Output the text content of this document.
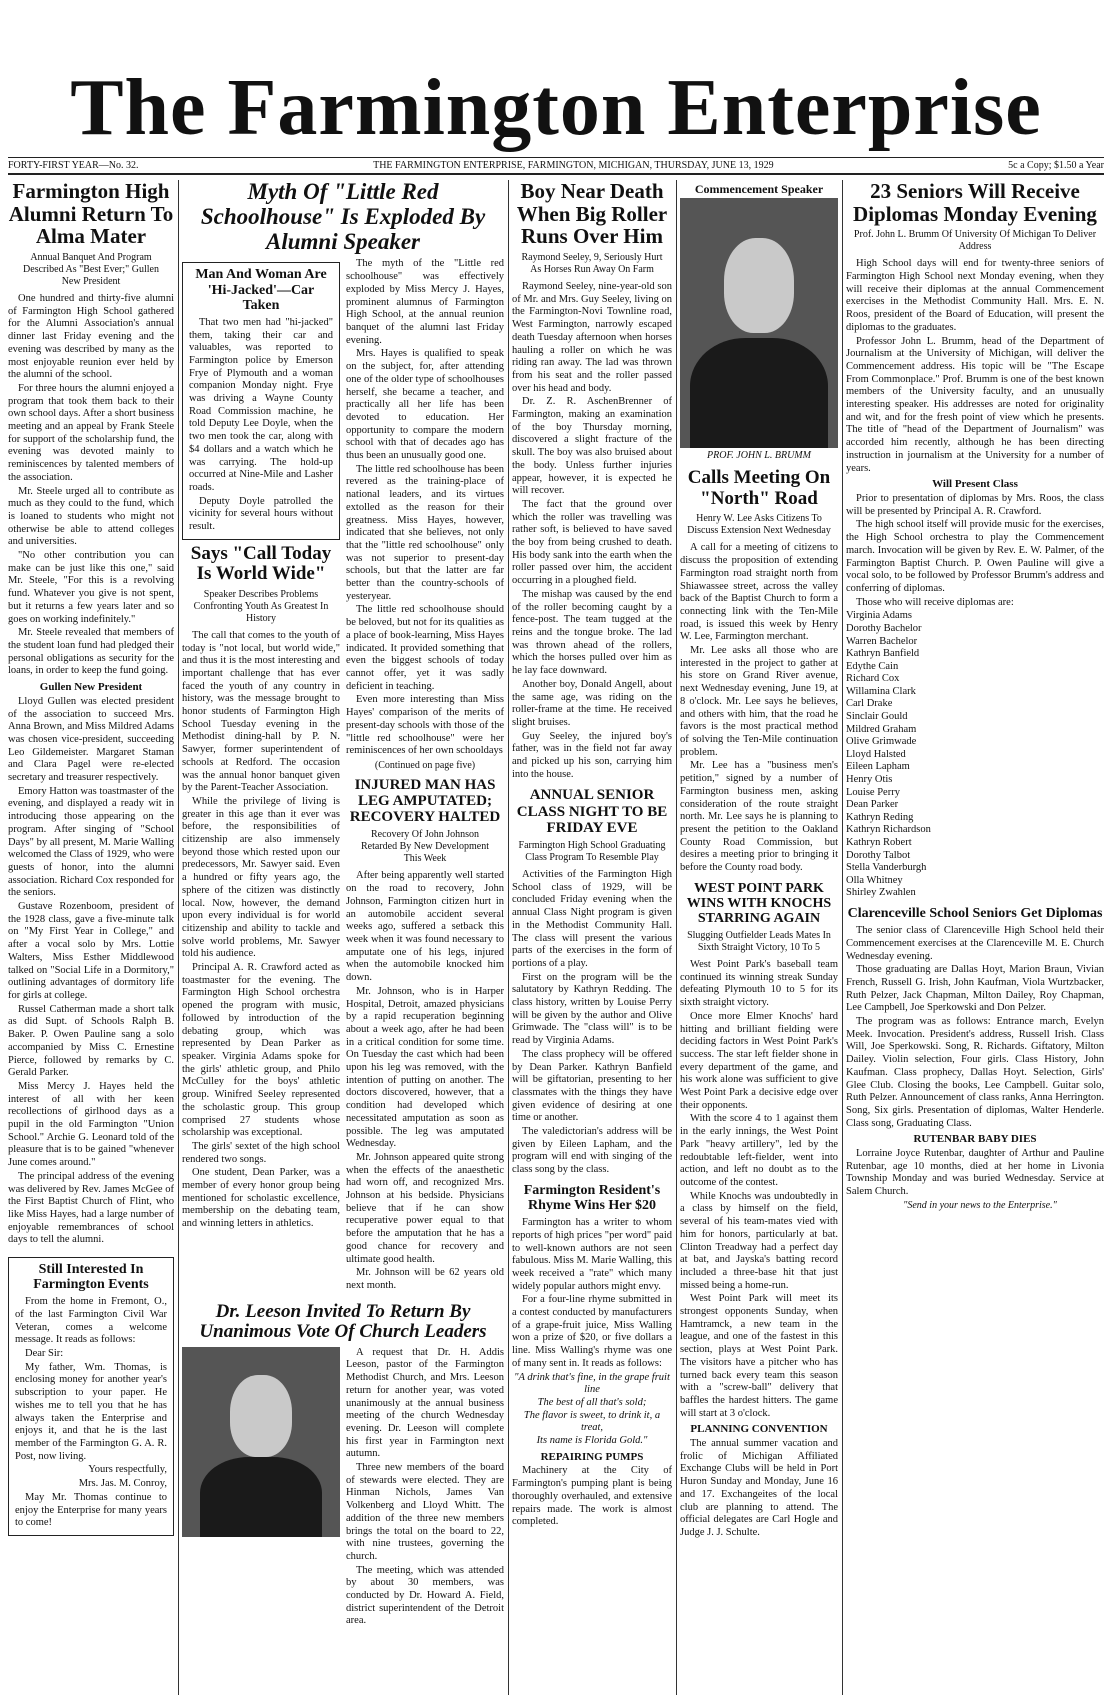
The Farmington Enterprise
FORTY-FIRST YEAR—No. 32.	THE FARMINGTON ENTERPRISE, FARMINGTON, MICHIGAN, THURSDAY, JUNE 13, 1929	5c a Copy; $1.50 a Year
Farmington High Alumni Return To Alma Mater
Annual Banquet And Program Described As "Best Ever;" Gullen New President

One hundred and thirty-five alumni of Farmington High School gathered for the Alumni Association's annual dinner last Friday evening and the evening was described by many as the most enjoyable reunion ever held by the alumni of the school.

For three hours the alumni enjoyed a program that took them back to their own school days. After a short business meeting and an appeal by Frank Steele for support of the scholarship fund, the evening was devoted mainly to reminiscences by talented members of the association.

Mr. Steele urged all to contribute as much as they could to the fund, which is loaned to students who might not otherwise be able to attend colleges and universities.

"No other contribution you can make can be just like this one," said Mr. Steele, "For this is a revolving fund. Whatever you give is not spent, but it returns a few years later and so goes on working indefinitely."

Mr. Steele revealed that members of the student loan fund had pledged their personal obligations as security for the loans, in order to keep the fund going.

Gullen New President

Lloyd Gullen was elected president of the association to succeed Mrs. Anna Brown, and Miss Mildred Adams was chosen vice-president, succeeding Leo Gildemeister. Margaret Staman and Clara Pagel were re-elected secretary and treasurer respectively.

Emory Hatton was toastmaster of the evening, and displayed a ready wit in introducing those appearing on the program. After singing of "School Days" by all present, M. Marie Walling welcomed the Class of 1929, who were guests of honor, into the alumni association. Richard Cox responded for the seniors.

Gustave Rozenboom, president of the 1928 class, gave a five-minute talk on "My First Year in College," and after a vocal solo by Mrs. Lottie Walters, Miss Esther Middlewood talked on "Social Life in a Dormitory," outlining advantages of dormitory life for girls at college.

Russel Catherman made a short talk as did Supt. of Schools Ralph B. Baker. P. Owen Pauline sang a solo accompanied by Miss C. Ernestine Pierce, followed by remarks by C. Gerald Parker.

Miss Mercy J. Hayes held the interest of all with her keen recollections of girlhood days as a pupil in the old Farmington "Union School." Archie G. Leonard told of the pleasure that is to be gained "whenever June comes around."

The principal address of the evening was delivered by Rev. James McGee of the First Baptist Church of Flint, who like Miss Hayes, had a large number of enjoyable remembrances of school days to tell the alumni.

Still Interested In Farmington Events

From the home in Fremont, O., of the last Farmington Civil War Veteran, comes a welcome message. It reads as follows:

Dear Sir:

My father, Wm. Thomas, is enclosing money for another year's subscription to your paper. He wishes me to tell you that he has always taken the Enterprise and enjoys it, and that he is the last member of the Farmington G. A. R. Post, now living.

Yours respectfully,

Mrs. Jas. M. Conroy,

May Mr. Thomas continue to enjoy the Enterprise for many years to come!

Myth Of "Little Red Schoolhouse" Is Exploded By Alumni Speaker
Man And Woman Are 'Hi-Jacked'—Car Taken

That two men had "hi-jacked" them, taking their car and valuables, was reported to Farmington police by Emerson Frye of Plymouth and a woman companion Monday night. Frye was driving a Wayne County Road Commission machine, he told Deputy Lee Doyle, when the two men took the car, along with $4 dollars and a watch which he was carrying. The hold-up occurred at Nine-Mile and Lasher roads.

Deputy Doyle patrolled the vicinity for several hours without result.

Says "Call Today Is World Wide"
Speaker Describes Problems Confronting Youth As Greatest In History

The call that comes to the youth of today is "not local, but world wide," and thus it is the most interesting and important challenge that has ever faced the youth of any country in history, was the message brought to honor students of Farmington High School Tuesday evening in the Methodist dining-hall by P. N. Sawyer, former superintendent of schools at Redford. The occasion was the annual honor banquet given by the Parent-Teacher Association.

While the privilege of living is greater in this age than it ever was before, the responsibilities of citizenship are also immensely beyond those which rested upon our predecessors, Mr. Sawyer said. Even a hundred or fifty years ago, the sphere of the citizen was distinctly local. Now, however, the demand upon every individual is for world citizenship and ability to tackle and solve world problems, Mr. Sawyer told his audience.

Principal A. R. Crawford acted as toastmaster for the evening. The Farmington High School orchestra opened the program with music, followed by introduction of the debating group, which was represented by Dean Parker as speaker. Virginia Adams spoke for the girls' athletic group, and Philo McCulley for the boys' athletic group. Winifred Seeley represented the scholastic group. This group comprised 27 students whose scholarship was exceptional.

The girls' sextet of the high school rendered two songs.

One student, Dean Parker, was a member of every honor group being mentioned for scholastic excellence, membership on the debating team, and winning letters in athletics.

The myth of the "Little red schoolhouse" was effectively exploded by Miss Mercy J. Hayes, prominent alumnus of Farmington High School, at the annual reunion banquet of the alumni last Friday evening.

Mrs. Hayes is qualified to speak on the subject, for, after attending one of the older type of schoolhouses herself, she became a teacher, and practically all her life has been devoted to education. Her opportunity to compare the modern school with that of decades ago has thus been an unusually good one.

The little red schoolhouse has been revered as the training-place of national leaders, and its virtues extolled as the reason for their greatness. Miss Hayes, however, indicated that she believes, not only that the "little red schoolhouse" only was not superior to present-day schools, but that the latter are far better than the country-schools of yesteryear.

The little red schoolhouse should be beloved, but not for its qualities as a place of book-learning, Miss Hayes indicated. It provided something that even the biggest schools of today cannot offer, yet it was sadly deficient in teaching.

Even more interesting than Miss Hayes' comparison of the merits of present-day schools with those of the "little red schoolhouse" were her reminiscences of her own schooldays

(Continued on page five)
INJURED MAN HAS LEG AMPUTATED; RECOVERY HALTED
Recovery Of John Johnson Retarded By New Development This Week

After being apparently well started on the road to recovery, John Johnson, Farmington citizen hurt in an automobile accident several weeks ago, suffered a setback this week when it was found necessary to amputate one of his legs, injured when the automobile knocked him down.

Mr. Johnson, who is in Harper Hospital, Detroit, amazed physicians by a rapid recuperation beginning about a week ago, after he had been in a critical condition for some time. On Tuesday the cast which had been upon his leg was removed, with the intention of putting on another. The doctors discovered, however, that a condition had developed which necessitated amputation as soon as possible. The leg was amputated Wednesday.

Mr. Johnson appeared quite strong when the effects of the anaesthetic had worn off, and recognized Mrs. Johnson at his bedside. Physicians believe that if he can show recuperative power equal to that before the amputation that he has a good chance for recovery and ultimate good health.

Mr. Johnson will be 62 years old next month.

Dr. Leeson Invited To Return By Unanimous Vote Of Church Leaders

A request that Dr. H. Addis Leeson, pastor of the Farmington Methodist Church, and Mrs. Leeson return for another year, was voted unanimously at the annual business meeting of the church Wednesday evening. Dr. Leeson will complete his first year in Farmington next autumn.

Three new members of the board of stewards were elected. They are Hinman Nichols, James Van Volkenberg and Lloyd Whitt. The addition of the three new members brings the total on the board to 22, with nine trustees, governing the church.

The meeting, which was attended by about 30 members, was conducted by Dr. Howard A. Field, district superintendent of the Detroit area.

Boy Near Death When Big Roller Runs Over Him
Raymond Seeley, 9, Seriously Hurt As Horses Run Away On Farm

Raymond Seeley, nine-year-old son of Mr. and Mrs. Guy Seeley, living on the Farmington-Novi Townline road, West Farmington, narrowly escaped death Tuesday afternoon when horses hauling a roller on which he was riding ran away. The lad was thrown from his seat and the roller passed over his head and body.

Dr. Z. R. AschenBrenner of Farmington, making an examination of the boy Thursday morning, discovered a slight fracture of the skull. The boy was also bruised about the body. Unless further injuries appear, however, it is expected he will recover.

The fact that the ground over which the roller was travelling was rather soft, is believed to have saved the boy from being crushed to death. His body sank into the earth when the roller passed over him, the accident occurring in a ploughed field.

The mishap was caused by the end of the roller becoming caught by a fence-post. The team tugged at the reins and the tongue broke. The lad was thrown ahead of the rollers, which the horses pulled over him as he lay face downward.

Another boy, Donald Angell, about the same age, was riding on the roller-frame at the time. He received slight bruises.

Guy Seeley, the injured boy's father, was in the field not far away and picked up his son, carrying him into the house.

ANNUAL SENIOR CLASS NIGHT TO BE FRIDAY EVE
Farmington High School Graduating Class Program To Resemble Play

Activities of the Farmington High School class of 1929, will be concluded Friday evening when the annual Class Night program is given in the Methodist Community Hall. The class will present the various parts of the exercises in the form of portions of a play.

First on the program will be the salutatory by Kathryn Redding. The class history, written by Louise Perry will be given by the author and Olive Grimwade. The "class will" is to be read by Virginia Adams.

The class prophecy will be offered by Dean Parker. Kathryn Banfield will be giftatorian, presenting to her classmates with the things they have given evidence of desiring at one time or another.

The valedictorian's address will be given by Eileen Lapham, and the program will end with singing of the class song by the class.

Farmington Resident's Rhyme Wins Her $20

Farmington has a writer to whom reports of high prices "per word" paid to well-known authors are not seen fabulous. Miss M. Marie Walling, this week received a "rate" which many widely popular authors might envy.

For a four-line rhyme submitted in a contest conducted by manufacturers of a grape-fruit juice, Miss Walling won a prize of $20, or five dollars a line. Miss Walling's rhyme was one of many sent in. It reads as follows:

"A drink that's fine, in the grape fruit line
The best of all that's sold;
The flavor is sweet, to drink it, a treat,
Its name is Florida Gold."
REPAIRING PUMPS

Machinery at the City of Farmington's pumping plant is being thoroughly overhauled, and extensive repairs made. The work is almost completed.

Commencement Speaker
PROF. JOHN L. BRUMM
Calls Meeting On "North" Road
Henry W. Lee Asks Citizens To Discuss Extension Next Wednesday

A call for a meeting of citizens to discuss the proposition of extending Farmington road straight north from Shiawassee street, across the valley back of the Baptist Church to form a connecting link with the Ten-Mile road, is issued this week by Henry W. Lee, Farmington merchant.

Mr. Lee asks all those who are interested in the project to gather at his store on Grand River avenue, next Wednesday evening, June 19, at 8 o'clock. Mr. Lee says he believes, and others with him, that the road he favors is the most practical method of solving the Ten-Mile continuation problem.

Mr. Lee has a "business men's petition," signed by a number of Farmington business men, asking consideration of the route straight north. Mr. Lee says he is planning to present the petition to the Oakland County Road Commission, but desires a meeting prior to bringing it before the County road body.

WEST POINT PARK WINS WITH KNOCHS STARRING AGAIN
Slugging Outfielder Leads Mates In Sixth Straight Victory, 10 To 5

West Point Park's baseball team continued its winning streak Sunday defeating Plymouth 10 to 5 for its sixth straight victory.

Once more Elmer Knochs' hard hitting and brilliant fielding were deciding factors in West Point Park's success. The star left fielder shone in every department of the game, and his work alone was sufficient to give West Point Park a decisive edge over their opponents.

With the score 4 to 1 against them in the early innings, the West Point Park "heavy artillery", led by the redoubtable left-fielder, went into action, and left no doubt as to the outcome of the contest.

While Knochs was undoubtedly in a class by himself on the field, several of his team-mates vied with him for honors, particularly at bat. Clinton Treadway had a perfect day at bat, and Jayska's batting record included a three-base hit that just missed being a home-run.

West Point Park will meet its strongest opponents Sunday, when Hamtramck, a new team in the league, and one of the fastest in this section, plays at West Point Park. The visitors have a pitcher who has turned back every team this season with a "screw-ball" delivery that baffles the hardest hitters. The game will start at 3 o'clock.

PLANNING CONVENTION

The annual summer vacation and frolic of Michigan Affiliated Exchange Clubs will be held in Port Huron Sunday and Monday, June 16 and 17. Exchangeites of the local club are planning to attend. The official delegates are Carl Hogle and Judge J. J. Schulte.

23 Seniors Will Receive Diplomas Monday Evening
Prof. John L. Brumm Of University Of Michigan To Deliver Address

High School days will end for twenty-three seniors of Farmington High School next Monday evening, when they will receive their diplomas at the annual Commencement exercises in the Methodist Community Hall. Mrs. E. N. Roos, president of the Board of Education, will present the diplomas to the graduates.

Professor John L. Brumm, head of the Department of Journalism at the University of Michigan, will deliver the Commencement address. His topic will be "The Escape From Commonplace." Prof. Brumm is one of the best known members of the University faculty, and an unusually interesting speaker. His addresses are noted for originality and wit, and for the fresh point of view which he presents. The title of "head of the Department of Journalism" was accorded him recently, although he has been directing instruction in journalism at the University for a number of years.

Will Present Class

Prior to presentation of diplomas by Mrs. Roos, the class will be presented by Principal A. R. Crawford.

The high school itself will provide music for the exercises, the High School orchestra to play the Commencement march. Invocation will be given by Rev. E. W. Palmer, of the Farmington Baptist Church. P. Owen Pauline will give a vocal solo, to be followed by Professor Brumm's address and conferring of diplomas.

Those who will receive diplomas are:

Virginia Adams
Dorothy Bachelor
Warren Bachelor
Kathryn Banfield
Edythe Cain
Richard Cox
Willamina Clark
Carl Drake
Sinclair Gould
Mildred Graham
Olive Grimwade
Lloyd Halsted
Eileen Lapham
Henry Otis
Louise Perry
Dean Parker
Kathryn Reding
Kathryn Richardson
Kathryn Robert
Dorothy Talbot
Stella Vanderburgh
Olla Whitney
Shirley Zwahlen
Clarenceville School Seniors Get Diplomas

The senior class of Clarenceville High School held their Commencement exercises at the Clarenceville M. E. Church Wednesday evening.

Those graduating are Dallas Hoyt, Marion Braun, Vivian French, Russell G. Irish, John Kaufman, Viola Wurtzbacker, Ruth Pelzer, Jack Chapman, Milton Dailey, Roy Chapman, Lee Campbell, Joe Sperkowski and Don Pelzer.

The program was as follows: Entrance march, Evelyn Meek. Invocation. President's address, Russell Irish. Class Will, Joe Sperkowski. Song, R. Richards. Giftatory, Milton Dailey. Violin selection, Four girls. Class History, John Kaufman. Class prophecy, Dallas Hoyt. Selection, Girls' Glee Club. Closing the books, Lee Campbell. Guitar solo, Ruth Pelzer. Announcement of class ranks, Anna Herrington. Song, Six girls. Presentation of diplomas, Walter Henderle. Class song, Graduating Class.

RUTENBAR BABY DIES

Lorraine Joyce Rutenbar, daughter of Arthur and Pauline Rutenbar, age 10 months, died at her home in Livonia Township Monday and was buried Wednesday. Service at Salem Church.

"Send in your news to the Enterprise."
